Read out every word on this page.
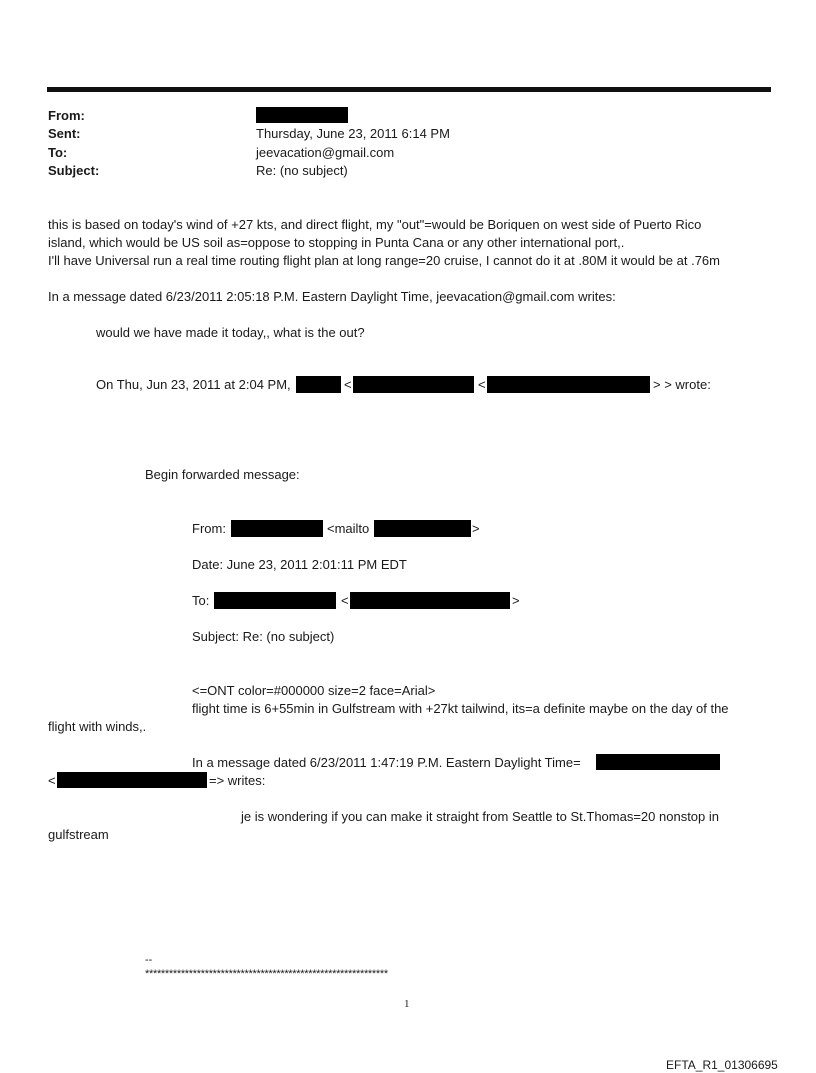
From:
Sent:	Thursday, June 23, 2011 6:14 PM
To:	jeevacation@gmail.com
Subject:	Re: (no subject)
this is based on today's wind of +27 kts, and direct flight, my "out"=would be Boriquen on west side of Puerto Rico
island, which would be US soil as=oppose to stopping in Punta Cana or any other international port,.
I'll have Universal run a real time routing flight plan at long range=20 cruise, I cannot do it at .80M it would be at .76m
In a message dated 6/23/2011 2:05:18 P.M. Eastern Daylight Time, jeevacation@gmail.com writes:
would we have made it today,, what is the out?
On Thu, Jun 23, 2011 at 2:04 PM,	<	<	> > wrote:
Begin forwarded message:
From:	<mailto	>
Date: June 23, 2011 2:01:11 PM EDT
To:	<	>
Subject: Re: (no subject)
<=ONT color=#000000 size=2 face=Arial>
flight time is 6+55min in Gulfstream with +27kt tailwind, its=a definite maybe on the day of the
flight with winds,.
In a message dated 6/23/2011 1:47:19 P.M. Eastern Daylight Time=
<	=> writes:
je is wondering if you can make it straight from Seattle to St.Thomas=20 nonstop in
gulfstream
--
*************************************************************
1
EFTA_R1_01306695
